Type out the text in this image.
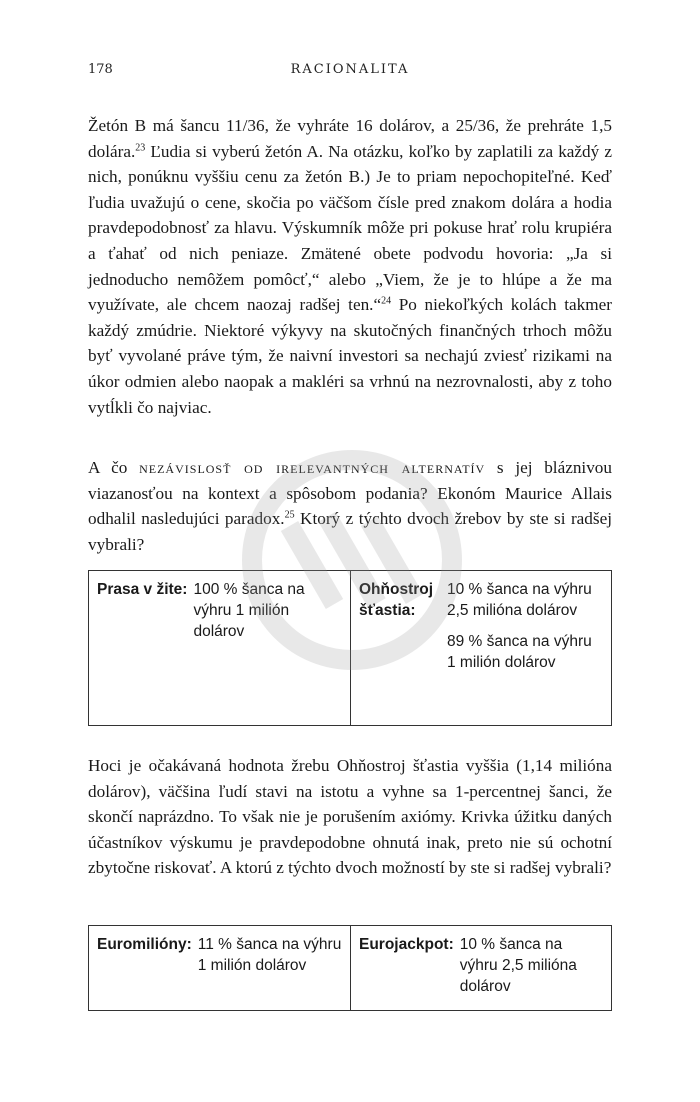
178	RACIONALITA

Žetón B má šancu 11/36, že vyhráte 16 dolárov, a 25/36, že prehráte 1,5 dolára.$^{23}$ Ľudia si vyberú žetón A. Na otázku, koľko by zaplatili za každý z nich, ponúknu vyššiu cenu za žetón B.) Je to priam nepochopiteľné. Keď ľudia uvažujú o cene, skočia po väčšom čísle pred znakom dolára a hodia pravdepodobnosť za hlavu. Výskumník môže pri pokuse hrať rolu krupiéra a ťahať od nich peniaze. Zmätené obete podvodu hovoria: „Ja si jednoducho nemôžem pomôcť,“ alebo „Viem, že je to hlúpe a že ma využívate, ale chcem naozaj radšej ten.“$^{24}$ Po niekoľkých kolách takmer každý zmúdrie. Niektoré výkyvy na skutočných finančných trhoch môžu byť vyvolané práve tým, že naivní investori sa nechajú zviesť rizikami na úkor odmien alebo naopak a makléri sa vrhnú na nezrovnalosti, aby z toho vytĺkli čo najviac.

A čo nezávislosť od irelevantných alternatív s jej bláznivou viazanosťou na kontext a spôsobom podania? Ekonóm Maurice Allais odhalil nasledujúci paradox.$^{25}$ Ktorý z týchto dvoch žrebov by ste si radšej vybrali?

Prasa v žite: 100 % šanca na výhru 1 milión dolárov
Ohňostroj šťastia:
10 % šanca na výhru 2,5 milióna dolárov
89 % šanca na výhru 1 milión dolárov

Hoci je očakávaná hodnota žrebu Ohňostroj šťastia vyššia (1,14 milióna dolárov), väčšina ľudí stavi na istotu a vyhne sa 1-percentnej šanci, že skončí naprázdno. To však nie je porušením axiómy. Krivka úžitku daných účastníkov výskumu je pravdepodobne ohnutá inak, preto nie sú ochotní zbytočne riskovať. A ktorú z týchto dvoch možností by ste si radšej vybrali?

Euromilióny: 11 % šanca na výhru 1 milión dolárov
Eurojackpot: 10 % šanca na výhru 2,5 milióna dolárov
